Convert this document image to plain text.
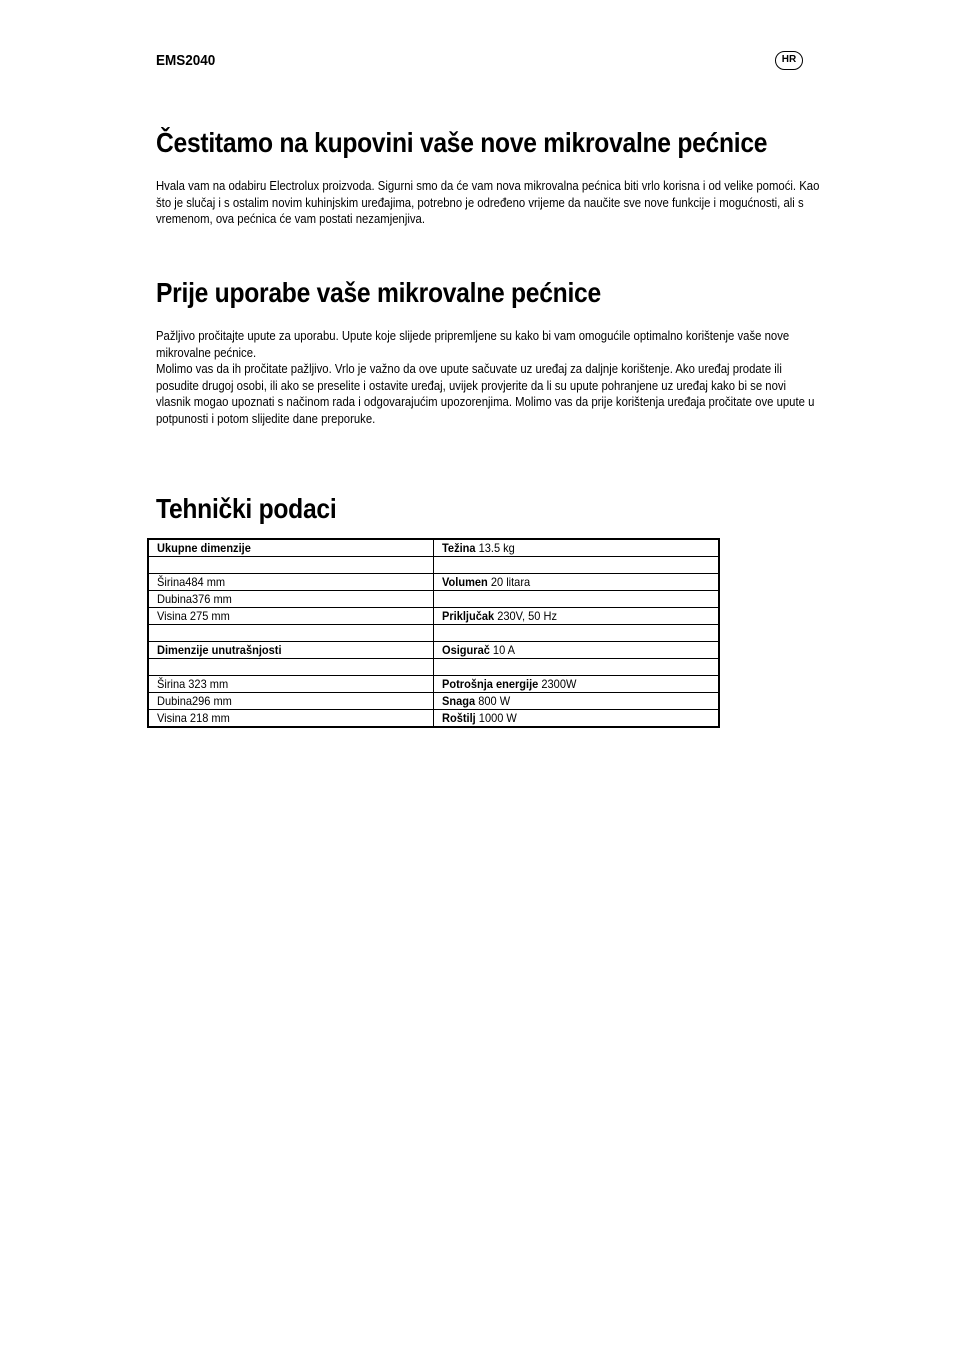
EMS2040	HR
Čestitamo na kupovini vaše nove mikrovalne pećnice

Hvala vam na odabiru Electrolux proizvoda. Sigurni smo da će vam nova mikrovalna pećnica biti vrlo korisna i od velike pomoći. Kao što je slučaj i s ostalim novim kuhinjskim uređajima, potrebno je određeno vrijeme da naučite sve nove funkcije i mogućnosti, ali s vremenom, ova pećnica će vam postati nezamjenjiva.

Prije uporabe vaše mikrovalne pećnice

Pažljivo pročitajte upute za uporabu. Upute koje slijede pripremljene su kako bi vam omogućile optimalno korištenje vaše nove mikrovalne pećnice.

Molimo vas da ih pročitate pažljivo. Vrlo je važno da ove upute sačuvate uz uređaj za daljnje korištenje. Ako uređaj prodate ili posudite drugoj osobi, ili ako se preselite i ostavite uređaj, uvijek provjerite da li su upute pohranjene uz uređaj kako bi se novi vlasnik mogao upoznati s načinom rada i odgovarajućim upozorenjima. Molimo vas da prije korištenja uređaja pročitate ove upute u potpunosti i potom slijedite dane preporuke.

Tehnički podaci
Ukupne dimenzije	Težina 13.5 kg

Širina484 mm	Volumen 20 litara
Dubina376 mm	
Visina 275 mm	Priključak 230V, 50 Hz

Dimenzije unutrašnjosti	Osigurač 10 A

Širina 323 mm	Potrošnja energije 2300W
Dubina296 mm	Snaga 800 W
Visina 218 mm	Roštilj 1000 W
